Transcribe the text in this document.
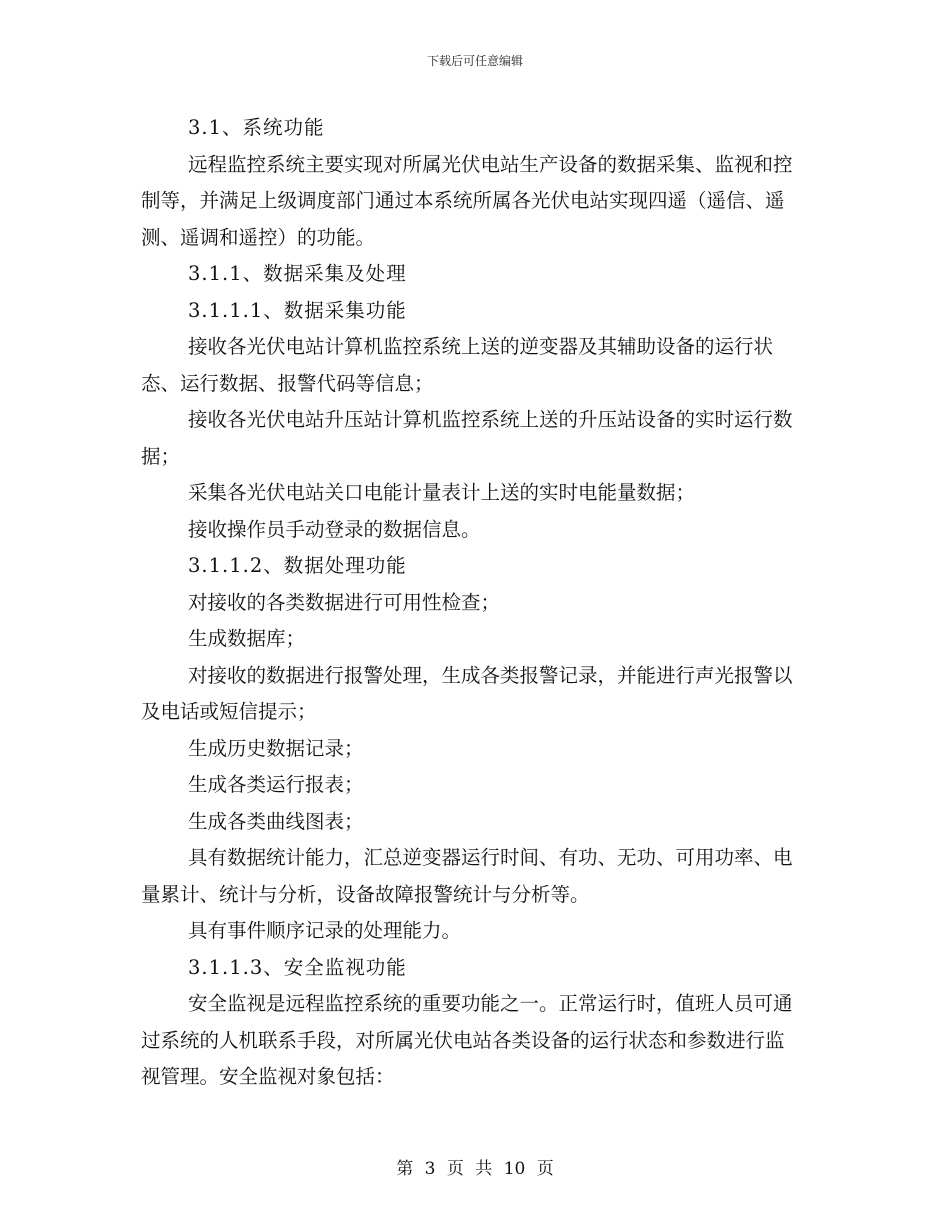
下载后可任意编辑

3.1、系统功能

远程监控系统主要实现对所属光伏电站生产设备的数据采集、监视和控制等，并满足上级调度部门通过本系统所属各光伏电站实现四遥（遥信、遥测、遥调和遥控）的功能。

3.1.1、数据采集及处理

3.1.1.1、数据采集功能

接收各光伏电站计算机监控系统上送的逆变器及其辅助设备的运行状态、运行数据、报警代码等信息；

接收各光伏电站升压站计算机监控系统上送的升压站设备的实时运行数据；

采集各光伏电站关口电能计量表计上送的实时电能量数据；

接收操作员手动登录的数据信息。

3.1.1.2、数据处理功能

对接收的各类数据进行可用性检查；

生成数据库；

对接收的数据进行报警处理，生成各类报警记录，并能进行声光报警以及电话或短信提示；

生成历史数据记录；

生成各类运行报表；

生成各类曲线图表；

具有数据统计能力，汇总逆变器运行时间、有功、无功、可用功率、电量累计、统计与分析，设备故障报警统计与分析等。

具有事件顺序记录的处理能力。

3.1.1.3、安全监视功能

安全监视是远程监控系统的重要功能之一。正常运行时，值班人员可通过系统的人机联系手段，对所属光伏电站各类设备的运行状态和参数进行监视管理。安全监视对象包括：

第 3 页 共 10 页
